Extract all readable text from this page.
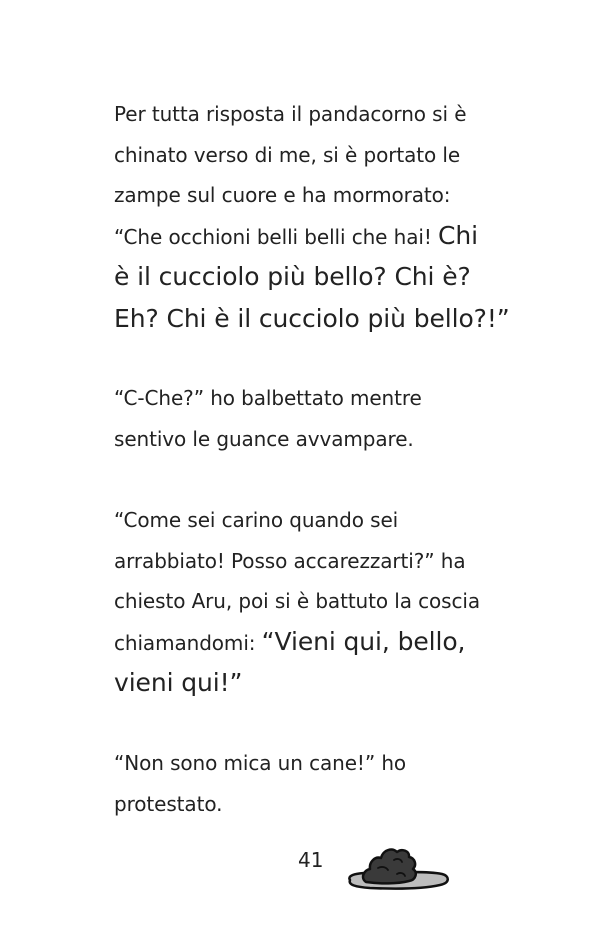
Per tutta risposta il pandacorno si è
chinato verso di me, si è portato le
zampe sul cuore e ha mormorato:
“Che occhioni belli belli che hai! Chi
è il cucciolo più bello? Chi è?
Eh? Chi è il cucciolo più bello?!”
“C-Che?” ho balbettato mentre
sentivo le guance avvampare.
“Come sei carino quando sei
arrabbiato! Posso accarezzarti?” ha
chiesto Aru, poi si è battuto la coscia
chiamandomi: “Vieni qui, bello,
vieni qui!”
“Non sono mica un cane!” ho
protestato.
41
